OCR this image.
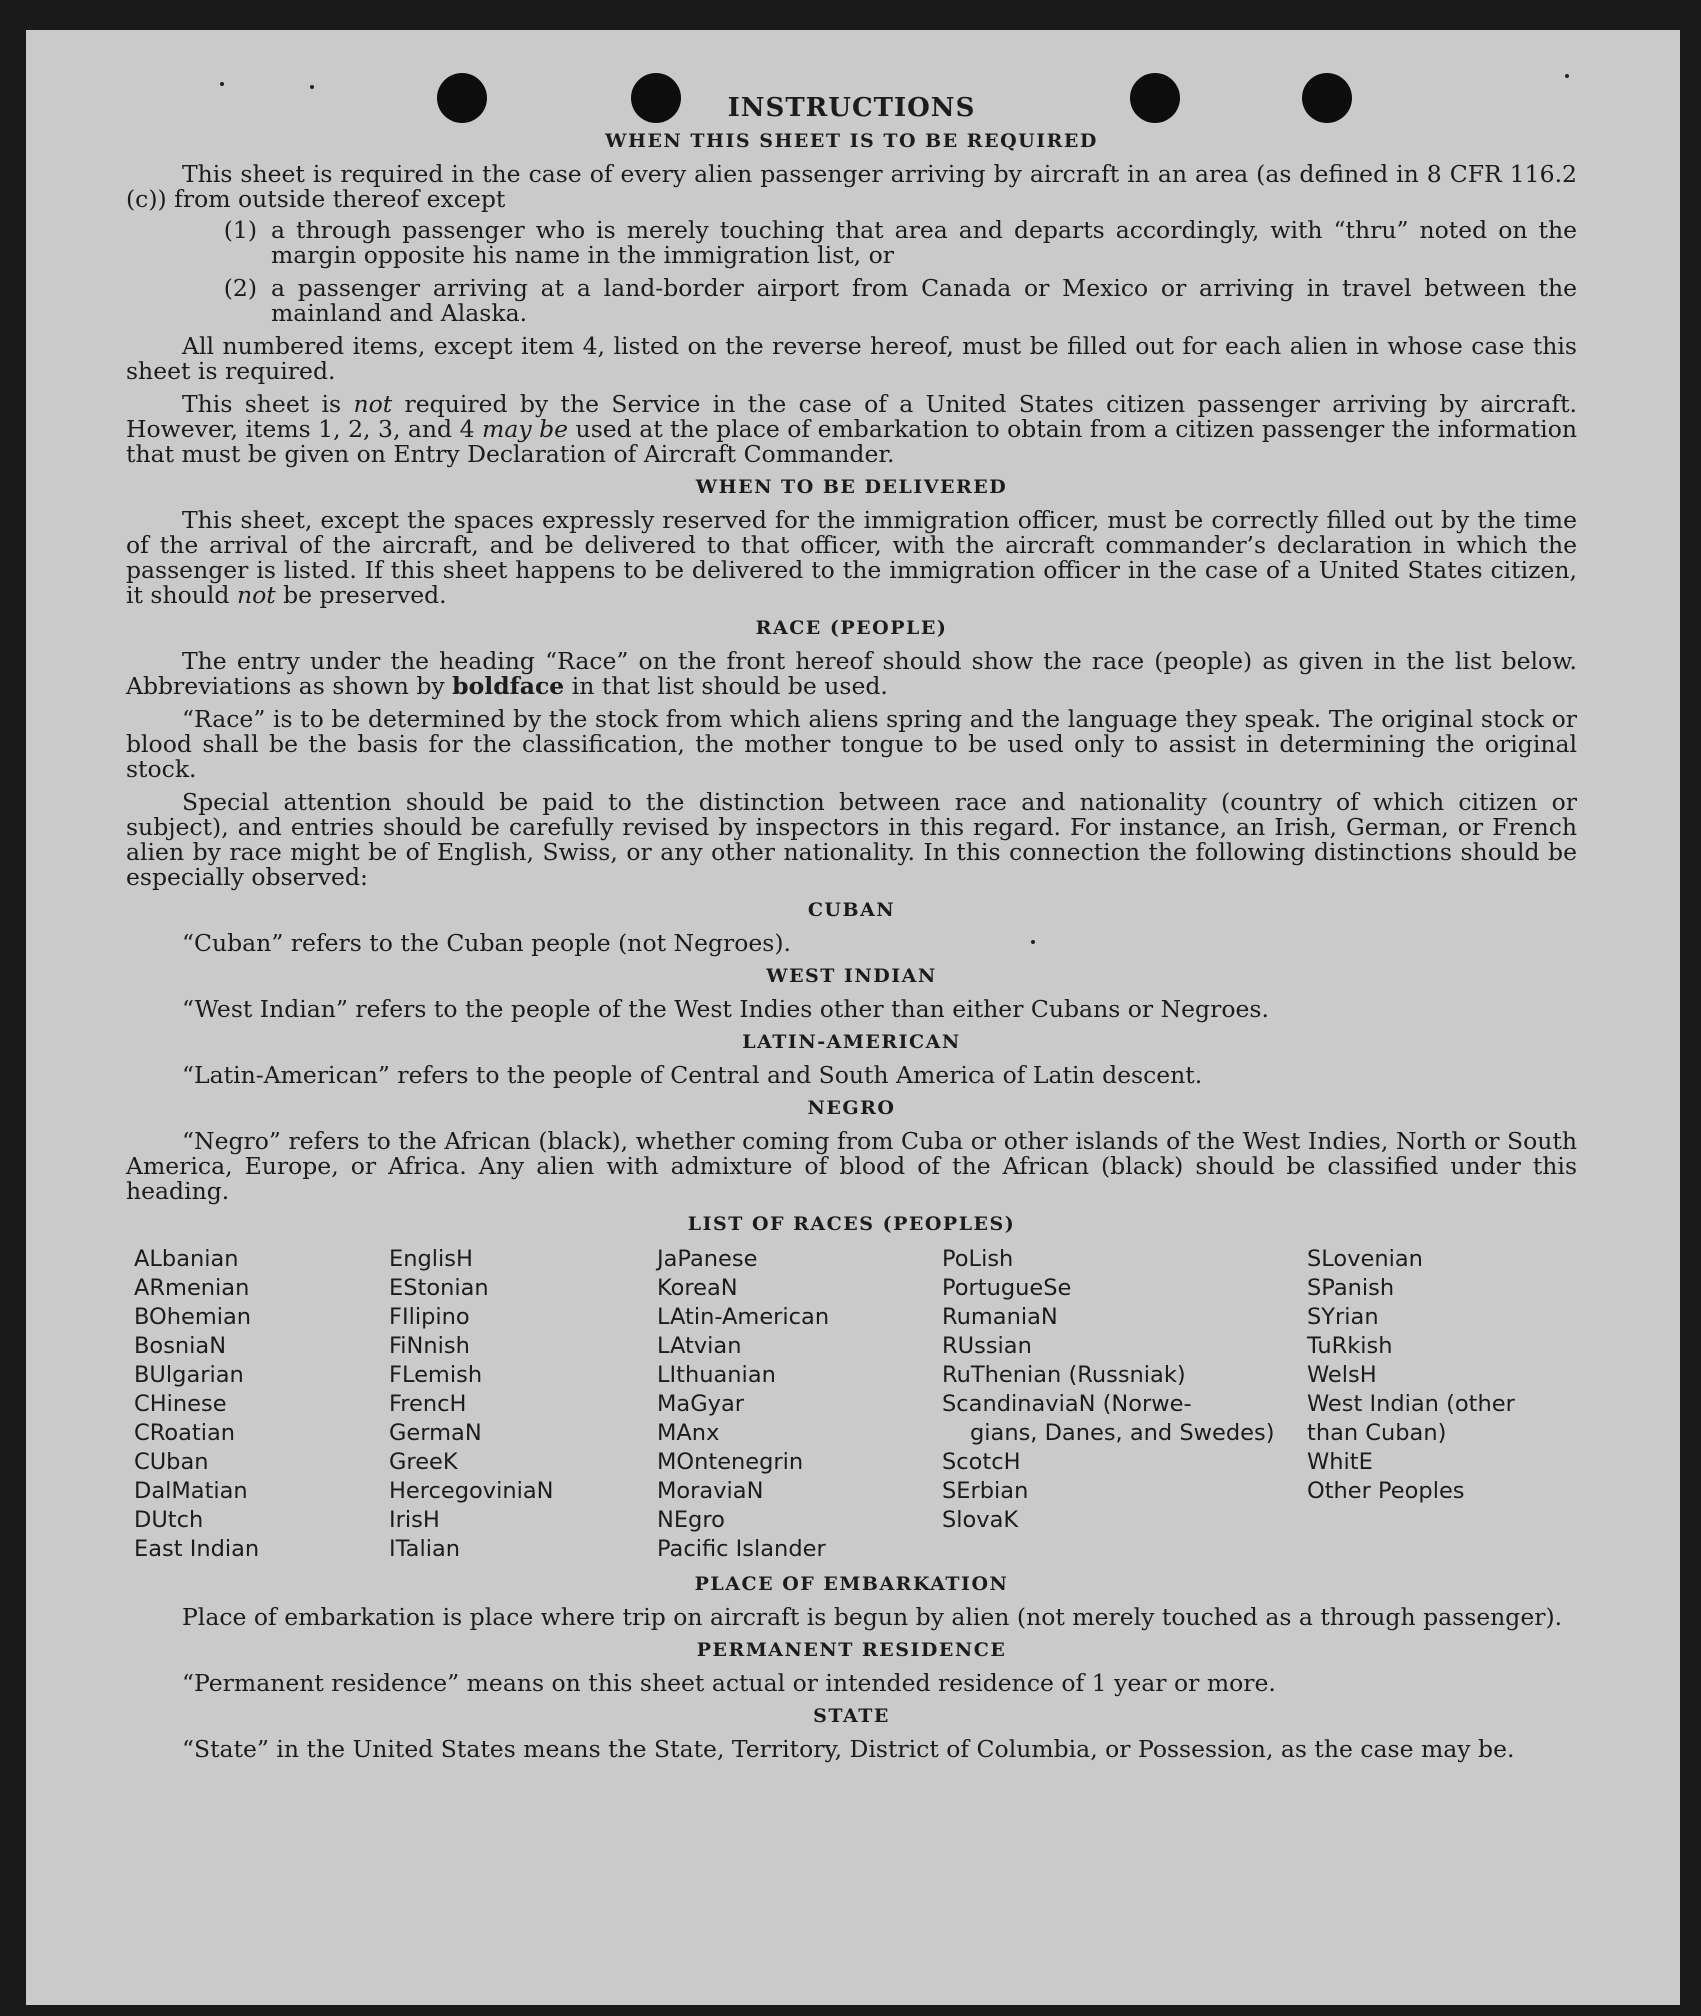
INSTRUCTIONS
WHEN THIS SHEET IS TO BE REQUIRED

This sheet is required in the case of every alien passenger arriving by aircraft in an area (as defined in 8 CFR 116.2 (c)) from outside thereof except

(1) a through passenger who is merely touching that area and departs accordingly, with “thru” noted on the margin opposite his name in the immigration list, or
(2) a passenger arriving at a land-border airport from Canada or Mexico or arriving in travel between the mainland and Alaska.

All numbered items, except item 4, listed on the reverse hereof, must be filled out for each alien in whose case this sheet is required.

This sheet is not required by the Service in the case of a United States citizen passenger arriving by aircraft. However, items 1, 2, 3, and 4 may be used at the place of embarkation to obtain from a citizen passenger the information that must be given on Entry Declaration of Aircraft Commander.

WHEN TO BE DELIVERED

This sheet, except the spaces expressly reserved for the immigration officer, must be correctly filled out by the time of the arrival of the aircraft, and be delivered to that officer, with the aircraft commander’s declaration in which the passenger is listed. If this sheet happens to be delivered to the immigration officer in the case of a United States citizen, it should not be preserved.

RACE (PEOPLE)

The entry under the heading “Race” on the front hereof should show the race (people) as given in the list below. Abbreviations as shown by boldface in that list should be used.

“Race” is to be determined by the stock from which aliens spring and the language they speak. The original stock or blood shall be the basis for the classification, the mother tongue to be used only to assist in determining the original stock.

Special attention should be paid to the distinction between race and nationality (country of which citizen or subject), and entries should be carefully revised by inspectors in this regard. For instance, an Irish, German, or French alien by race might be of English, Swiss, or any other nationality. In this connection the following distinctions should be especially observed:

CUBAN

“Cuban” refers to the Cuban people (not Negroes).

WEST INDIAN

“West Indian” refers to the people of the West Indies other than either Cubans or Negroes.

LATIN-AMERICAN

“Latin-American” refers to the people of Central and South America of Latin descent.

NEGRO

“Negro” refers to the African (black), whether coming from Cuba or other islands of the West Indies, North or South America, Europe, or Africa. Any alien with admixture of blood of the African (black) should be classified under this heading.

LIST OF RACES (PEOPLES)
ALbanian
ARmenian
BOhemian
BosniaN
BUlgarian
CHinese
CRoatian
CUban
DalMatian
DUtch
East Indian
EnglisH
EStonian
FIlipino
FiNnish
FLemish
FrencH
GermaN
GreeK
HercegoviniaN
IrisH
ITalian
JaPanese
KoreaN
LAtin-American
LAtvian
LIthuanian
MaGyar
MAnx
MOntenegrin
MoraviaN
NEgro
Pacific Islander
PoLish
PortugueSe
RumaniaN
RUssian
RuThenian (Russniak)
ScandinaviaN (Norwe-
gians, Danes, and Swedes)
ScotcH
SErbian
SlovaK
SLovenian
SPanish
SYrian
TuRkish
WelsH
West Indian (other
than Cuban)
WhitE
Other Peoples
PLACE OF EMBARKATION

Place of embarkation is place where trip on aircraft is begun by alien (not merely touched as a through passenger).

PERMANENT RESIDENCE

“Permanent residence” means on this sheet actual or intended residence of 1 year or more.

STATE

“State” in the United States means the State, Territory, District of Columbia, or Possession, as the case may be.
